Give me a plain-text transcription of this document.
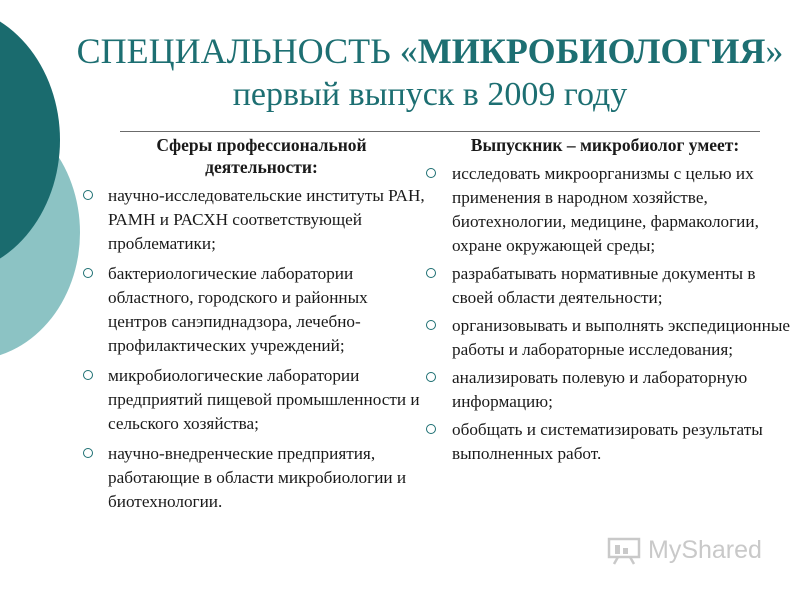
СПЕЦИАЛЬНОСТЬ «МИКРОБИОЛОГИЯ»
первый выпуск в 2009 году
Сферы профессиональной деятельности:
научно-исследовательские институты РАН, РАМН и РАСХН соответствующей проблематики;
бактериологические лаборатории областного, городского и районных центров санэпиднадзора, лечебно-профилактических учреждений;
микробиологические лаборатории предприятий пищевой промышленности и сельского хозяйства;
научно-внедренческие предприятия, работающие в области микробиологии и биотехнологии.
Выпускник – микробиолог умеет:
исследовать микроорганизмы с целью их применения в народном хозяйстве, биотехнологии, медицине, фармакологии, охране окружающей среды;
разрабатывать нормативные документы в своей области деятельности;
организовывать и выполнять экспедиционные работы и лабораторные исследования;
анализировать полевую и лабораторную информацию;
обобщать и систематизировать результаты выполненных работ.
MyShared
